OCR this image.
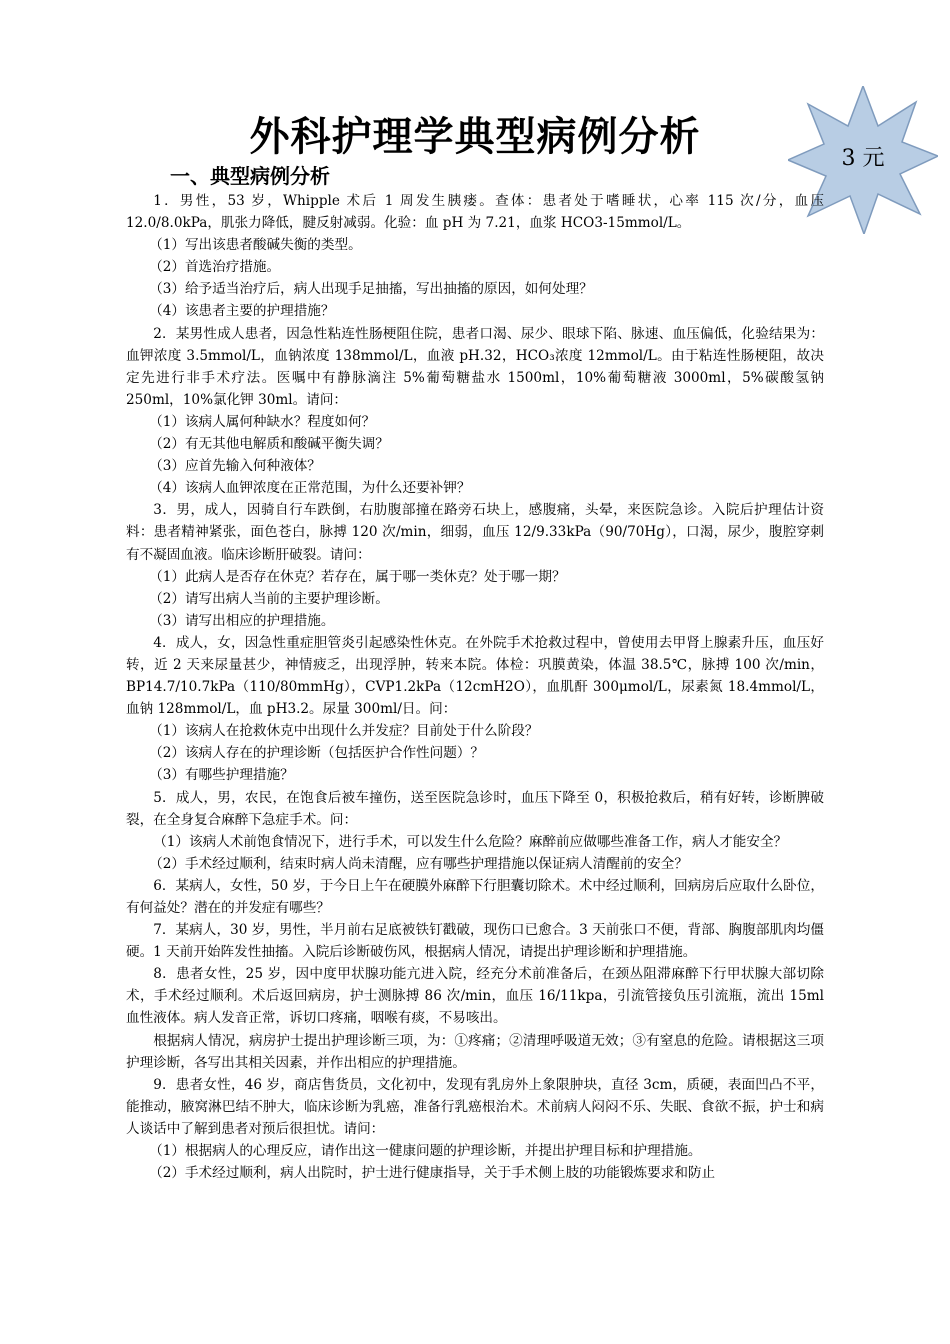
3 元
外科护理学典型病例分析
一、典型病例分析

1．男性，53 岁，Whipple 术后 1 周发生胰瘘。查体：患者处于嗜睡状，心率 115 次/分，血压 12.0/8.0kPa，肌张力降低，腱反射减弱。化验：血 pH 为 7.21，血浆 HCO3-15mmol/L。

（1）写出该患者酸碱失衡的类型。

（2）首选治疗措施。

（3）给予适当治疗后，病人出现手足抽搐，写出抽搐的原因，如何处理？

（4）该患者主要的护理措施？

2．某男性成人患者，因急性粘连性肠梗阻住院，患者口渴、尿少、眼球下陷、脉速、血压偏低，化验结果为：血钾浓度 3.5mmol/L，血钠浓度 138mmol/L，血液 pH.32，HCO₃浓度 12mmol/L。由于粘连性肠梗阻，故决定先进行非手术疗法。医嘱中有静脉滴注 5%葡萄糖盐水 1500ml，10%葡萄糖液 3000ml，5%碳酸氢钠 250ml，10%氯化钾 30ml。请问：

（1）该病人属何种缺水？程度如何？

（2）有无其他电解质和酸碱平衡失调？

（3）应首先输入何种液体？

（4）该病人血钾浓度在正常范围，为什么还要补钾？

3．男，成人，因骑自行车跌倒，右肋腹部撞在路旁石块上，感腹痛，头晕，来医院急诊。入院后护理估计资料：患者精神紧张，面色苍白，脉搏 120 次/min，细弱，血压 12/9.33kPa（90/70Hg），口渴，尿少，腹腔穿刺有不凝固血液。临床诊断肝破裂。请问：

（1）此病人是否存在休克？若存在，属于哪一类休克？处于哪一期？

（2）请写出病人当前的主要护理诊断。

（3）请写出相应的护理措施。

4．成人，女，因急性重症胆管炎引起感染性休克。在外院手术抢救过程中，曾使用去甲肾上腺素升压，血压好转，近 2 天来尿量甚少，神情疲乏，出现浮肿，转来本院。体检：巩膜黄染，体温 38.5℃，脉搏 100 次/min，BP14.7/10.7kPa（110/80mmHg），CVP1.2kPa（12cmH2O），血肌酐 300μmol/L，尿素氮 18.4mmol/L，血钠 128mmol/L，血 pH3.2。尿量 300ml/日。问：

（1）该病人在抢救休克中出现什么并发症？目前处于什么阶段？

（2）该病人存在的护理诊断（包括医护合作性问题）？

（3）有哪些护理措施？

5．成人，男，农民，在饱食后被车撞伤，送至医院急诊时，血压下降至 0，积极抢救后，稍有好转，诊断脾破裂，在全身复合麻醉下急症手术。问：

（1）该病人术前饱食情况下，进行手术，可以发生什么危险？麻醉前应做哪些准备工作，病人才能安全？

（2）手术经过顺利，结束时病人尚未清醒，应有哪些护理措施以保证病人清醒前的安全？

6．某病人，女性，50 岁，于今日上午在硬膜外麻醉下行胆囊切除术。术中经过顺利，回病房后应取什么卧位，有何益处？潜在的并发症有哪些？

7．某病人，30 岁，男性，半月前右足底被铁钉戳破，现伤口已愈合。3 天前张口不便，背部、胸腹部肌肉均僵硬。1 天前开始阵发性抽搐。入院后诊断破伤风，根据病人情况，请提出护理诊断和护理措施。

8．患者女性，25 岁，因中度甲状腺功能亢进入院，经充分术前准备后，在颈丛阻滞麻醉下行甲状腺大部切除术，手术经过顺利。术后返回病房，护士测脉搏 86 次/min，血压 16/11kpa，引流管接负压引流瓶，流出 15ml 血性液体。病人发音正常，诉切口疼痛，咽喉有痰，不易咳出。

根据病人情况，病房护士提出护理诊断三项，为：①疼痛；②清理呼吸道无效；③有窒息的危险。请根据这三项护理诊断，各写出其相关因素，并作出相应的护理措施。

9．患者女性，46 岁，商店售货员，文化初中，发现有乳房外上象限肿块，直径 3cm，质硬，表面凹凸不平，能推动，腋窝淋巴结不肿大，临床诊断为乳癌，准备行乳癌根治术。术前病人闷闷不乐、失眠、食欲不振，护士和病人谈话中了解到患者对预后很担忧。请问：

（1）根据病人的心理反应，请作出这一健康问题的护理诊断，并提出护理目标和护理措施。

（2）手术经过顺利，病人出院时，护士进行健康指导，关于手术侧上肢的功能锻炼要求和防止
